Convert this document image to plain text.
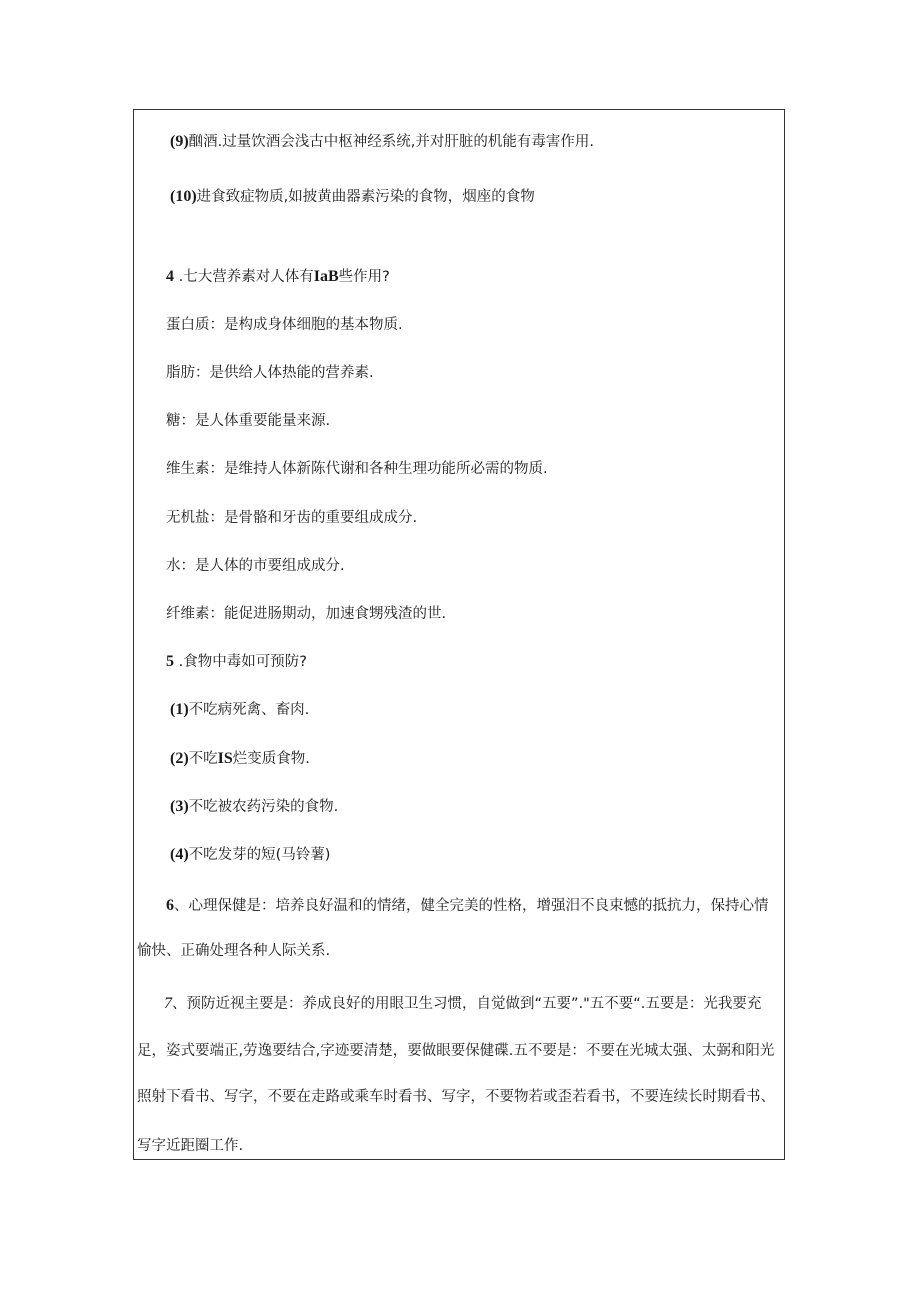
(9)酗酒.过量饮酒会浅古中枢神经系统,并对肝脏的机能有毒害作用.
(10)进食致症物质,如披黄曲器素污染的食物，烟座的食物
4 .七大营养素对人体有IaB些作用?
蛋白质：是构成身体细胞的基本物质.
脂肪：是供给人体热能的营养素.
糖：是人体重要能量来源.
维生素：是维持人体新陈代谢和各种生理功能所必需的物质.
无机盐：是骨骼和牙齿的重要组成成分.
水：是人体的市要组成成分.
纤维素：能促进肠期动，加速食甥残渣的世.
5 .食物中毒如可预防?
(1)不吃病死禽、畜肉.
(2)不吃IS烂变质食物.
(3)不吃被农药污染的食物.
(4)不吃发芽的短(马铃薯)
6、心理保健是：培养良好温和的情绪，健全完美的性格，增强汨不良束憾的抵抗力，保持心情
愉快、正确处理各种人际关系.
7、预防近视主要是：养成良好的用眼卫生习惯，自觉做到“五要”."五不要“.五要是：光我要充
足，姿式要端正,劳逸要结合,字迹要清楚，要做眼要保健碟.五不要是：不要在光城太强、太弼和阳光
照射下看书、写字，不要在走路或乘车时看书、写字，不要物若或歪若看书，不要连续长时期看书、
写字近距圈工作.
